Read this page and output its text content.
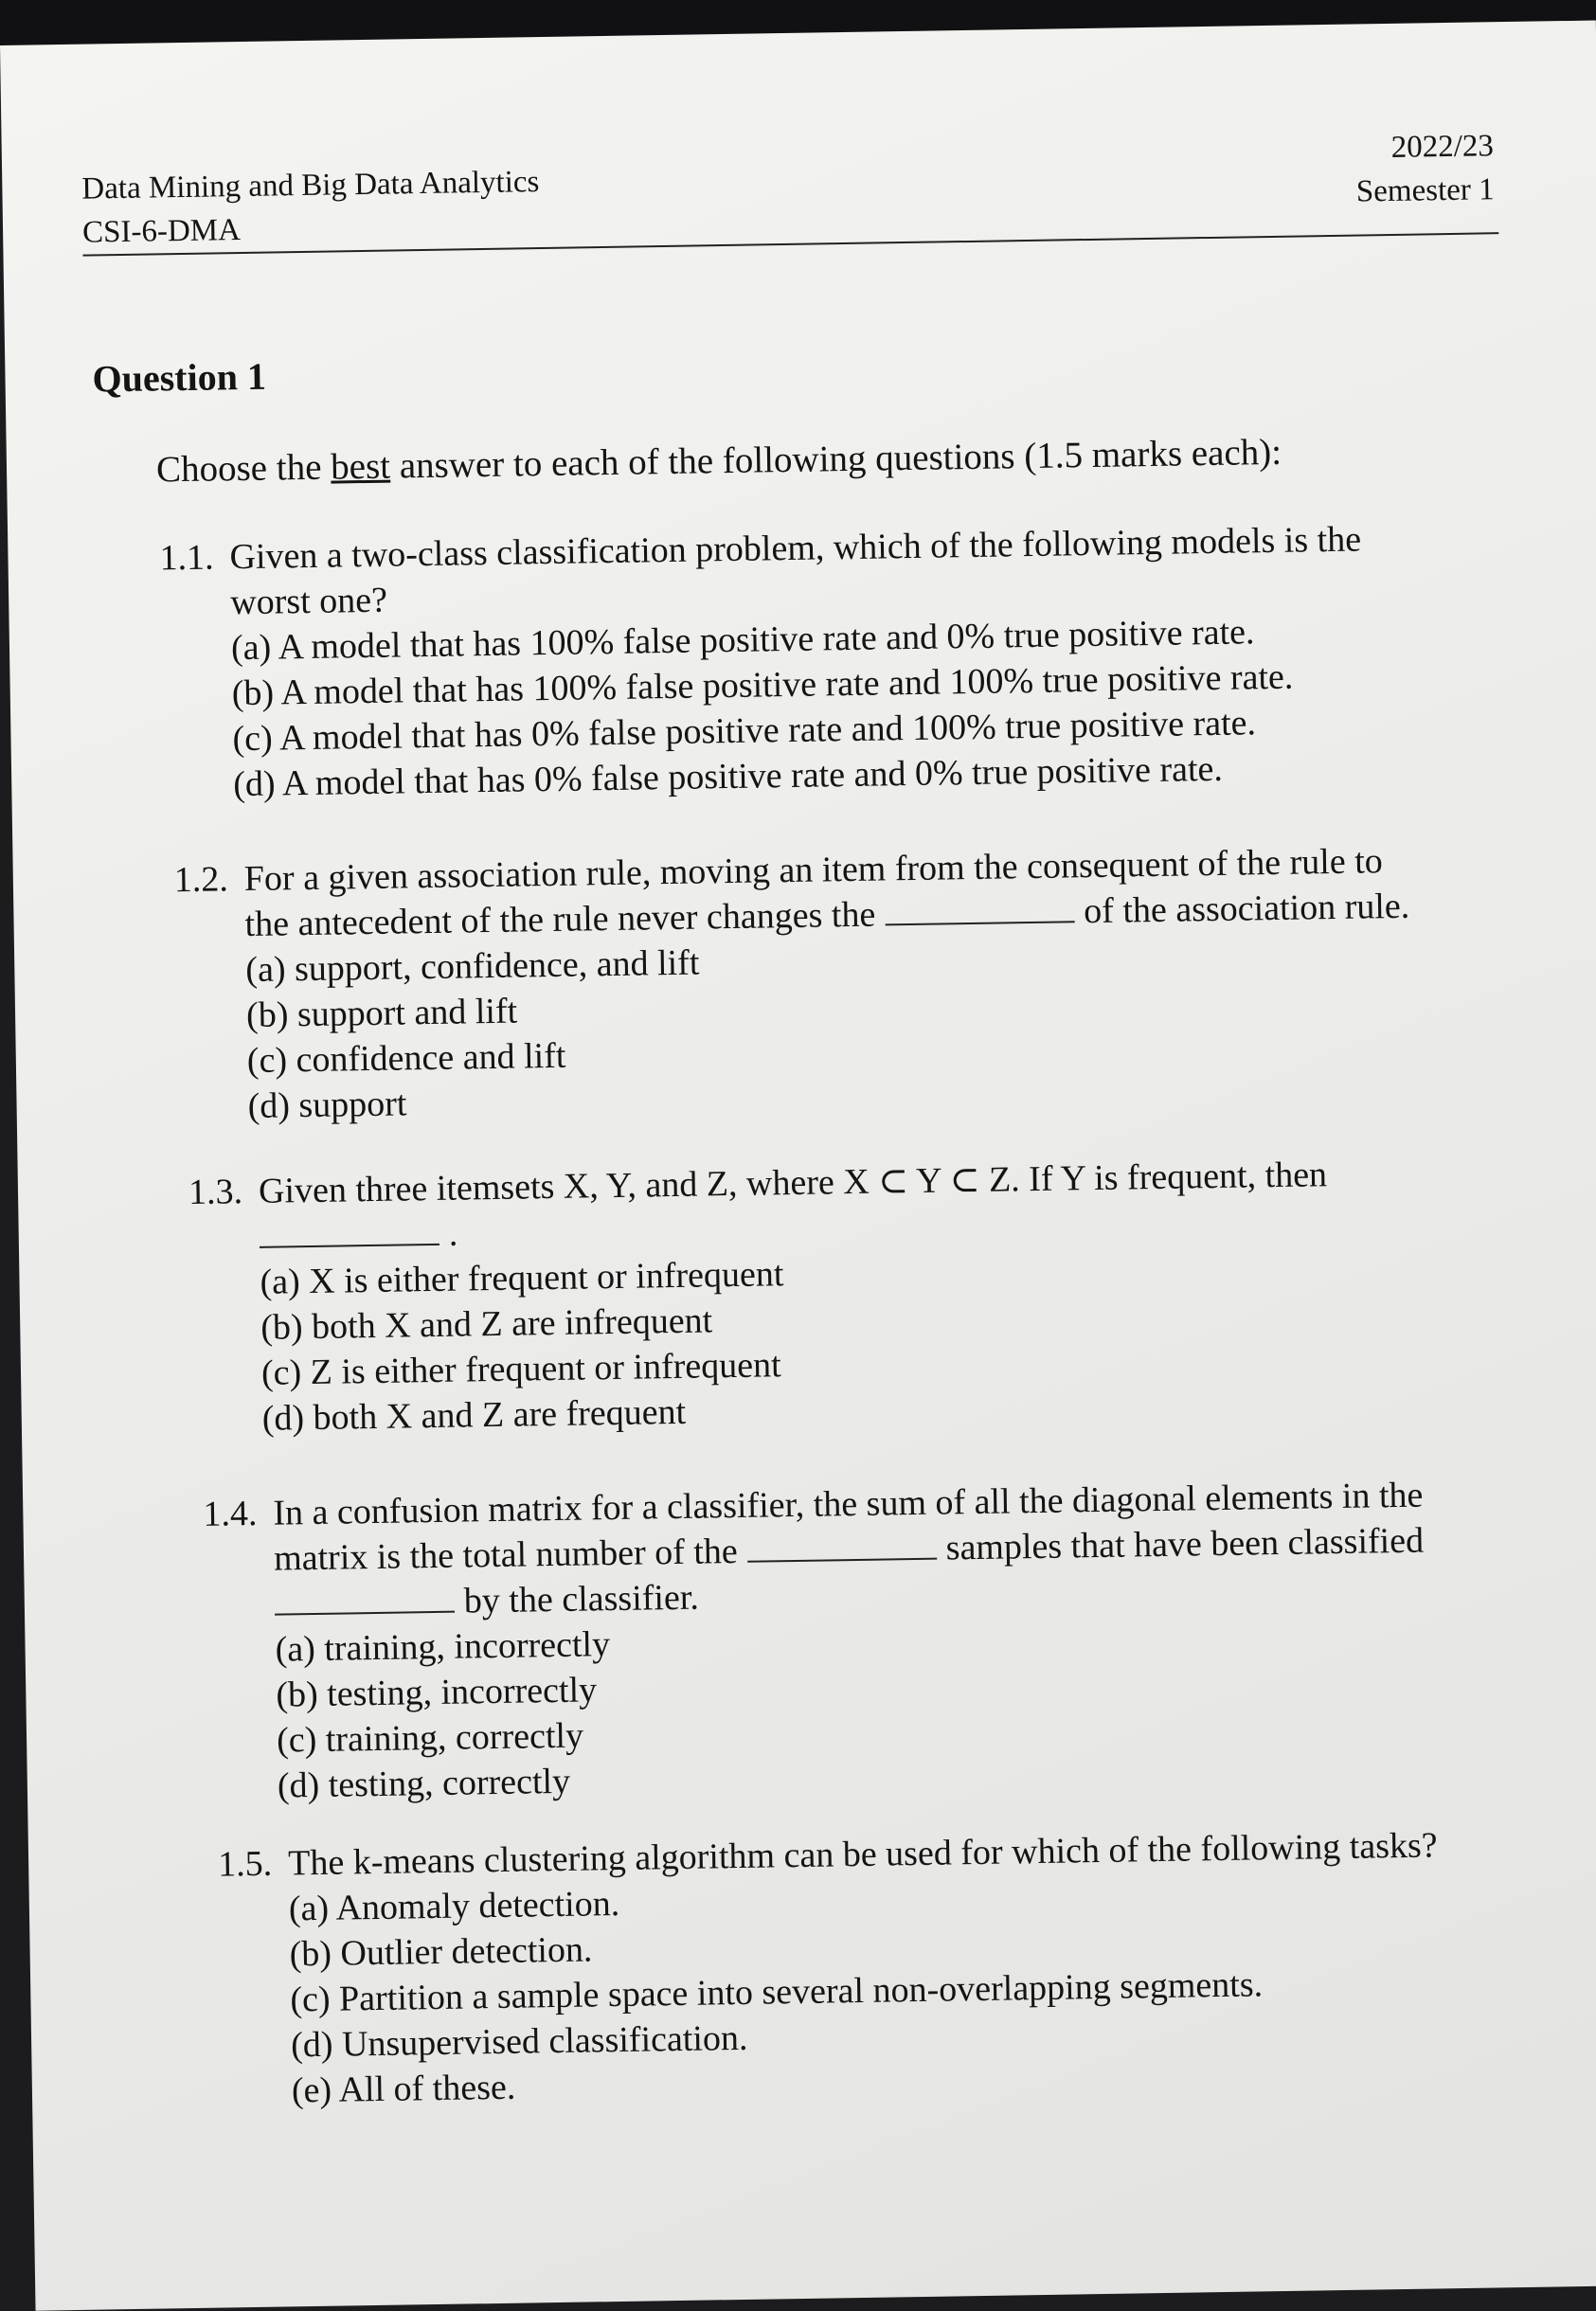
Data Mining and Big Data Analytics
CSI-6-DMA
2022/23
Semester 1
Question 1
Choose the best answer to each of the following questions (1.5 marks each):
1.1. Given a two-class classification problem, which of the following models is the
worst one?
(a) A model that has 100% false positive rate and 0% true positive rate.
(b) A model that has 100% false positive rate and 100% true positive rate.
(c) A model that has 0% false positive rate and 100% true positive rate.
(d) A model that has 0% false positive rate and 0% true positive rate.
1.2. For a given association rule, moving an item from the consequent of the rule to
the antecedent of the rule never changes the	of the association rule.
(a) support, confidence, and lift
(b) support and lift
(c) confidence and lift
(d) support
1.3. Given three itemsets X, Y, and Z, where X ⊂ Y ⊂ Z. If Y is frequent, then
.
(a) X is either frequent or infrequent
(b) both X and Z are infrequent
(c) Z is either frequent or infrequent
(d) both X and Z are frequent
1.4. In a confusion matrix for a classifier, the sum of all the diagonal elements in the
matrix is the total number of the	samples that have been classified
by the classifier.
(a) training, incorrectly
(b) testing, incorrectly
(c) training, correctly
(d) testing, correctly
1.5. The k-means clustering algorithm can be used for which of the following tasks?
(a) Anomaly detection.
(b) Outlier detection.
(c) Partition a sample space into several non-overlapping segments.
(d) Unsupervised classification.
(e) All of these.
